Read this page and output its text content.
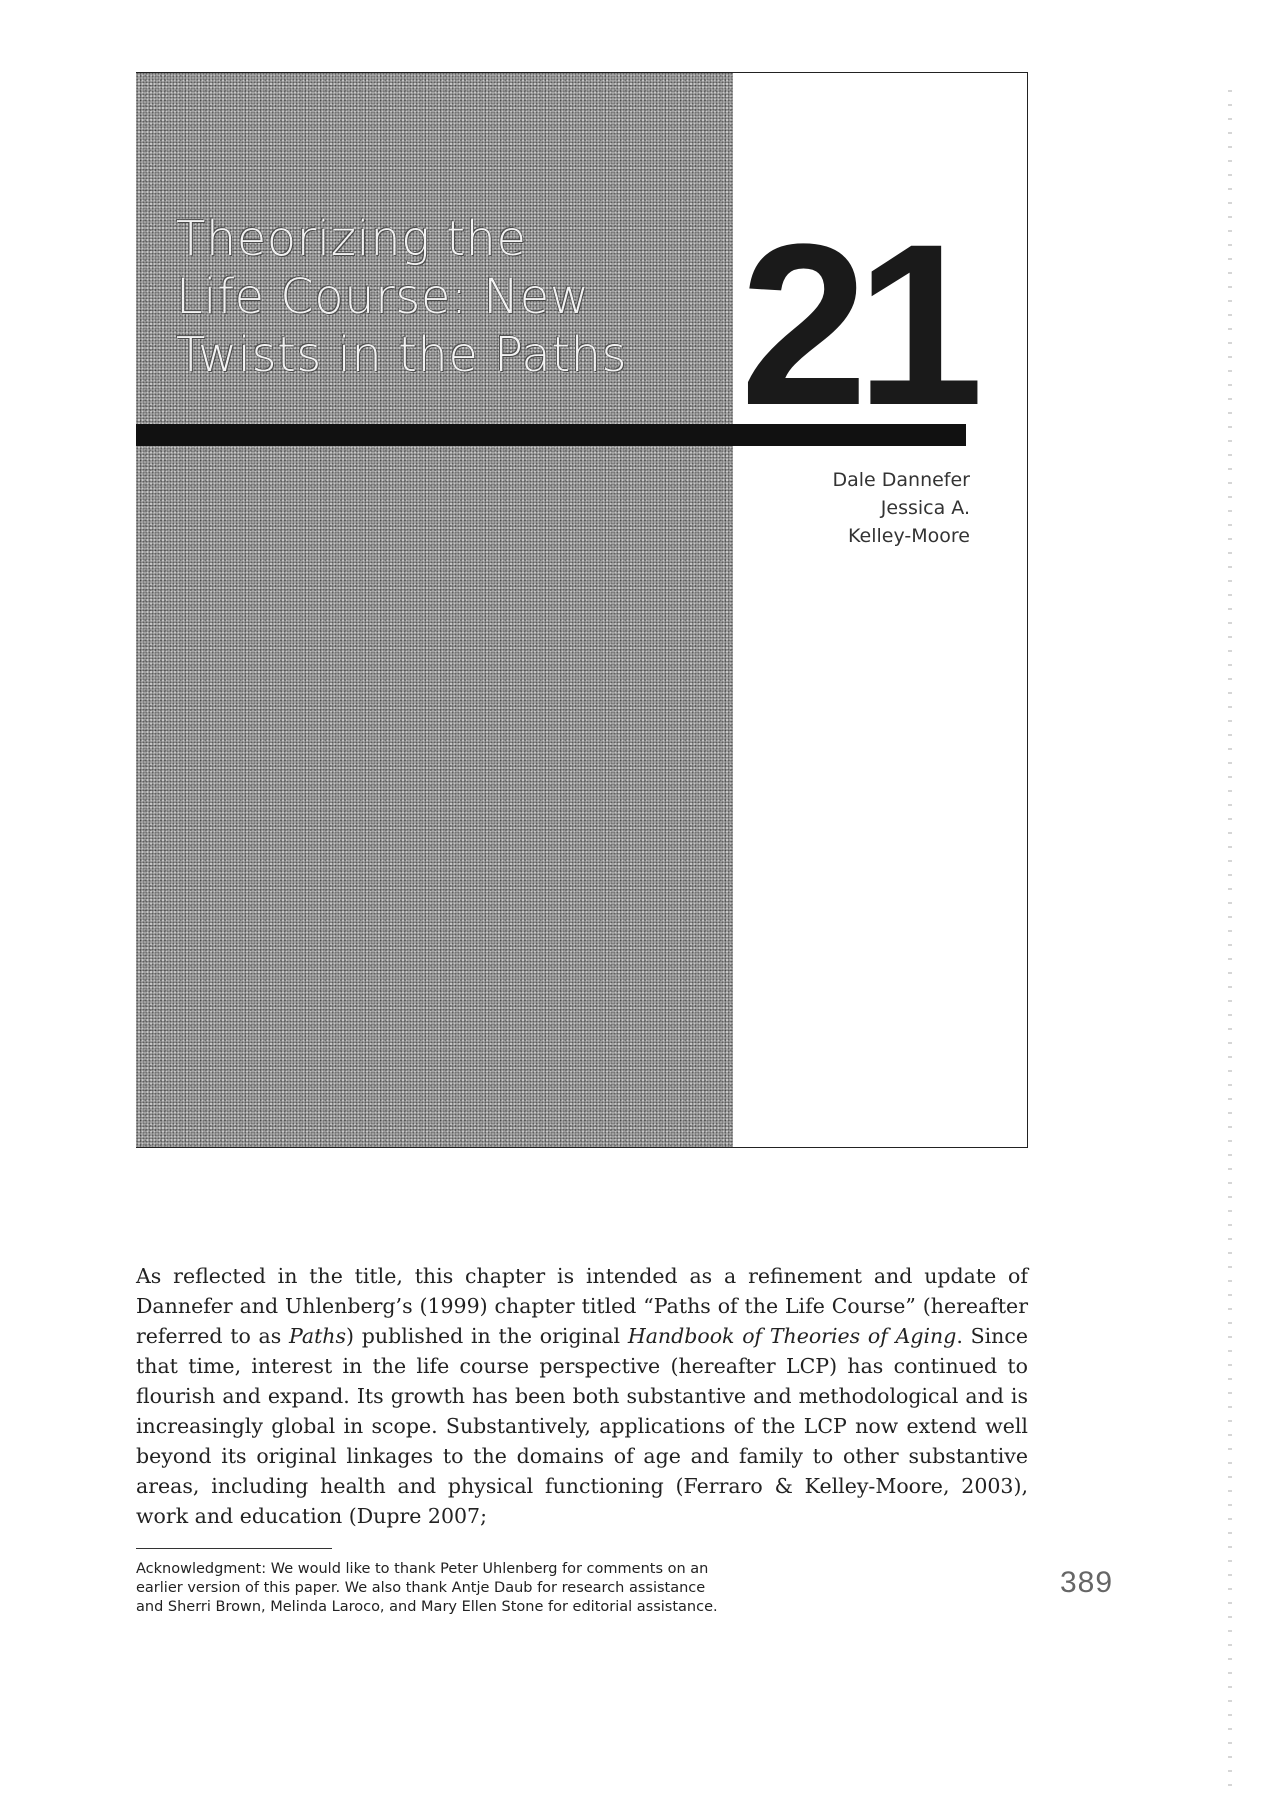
Theorizing the
Life Course: New
Twists in the Paths 21
Dale Dannefer
Jessica A.
Kelley-Moore

As reflected in the title, this chapter is intended as a refinement and update of Dannefer and Uhlenberg’s (1999) chapter titled “Paths of the Life Course” (hereafter referred to as Paths) published in the original Handbook of Theories of Aging. Since that time, interest in the life course perspective (hereafter LCP) has continued to flourish and expand. Its growth has been both substantive and methodological and is increasingly global in scope. Substantively, applications of the LCP now extend well beyond its original linkages to the domains of age and family to other substantive areas, including health and physical functioning (Ferraro & Kelley-Moore, 2003), work and education (Dupre 2007;

Acknowledgment: We would like to thank Peter Uhlenberg for comments on an earlier version of this paper. We also thank Antje Daub for research assistance and Sherri Brown, Melinda Laroco, and Mary Ellen Stone for editorial assistance.
389
